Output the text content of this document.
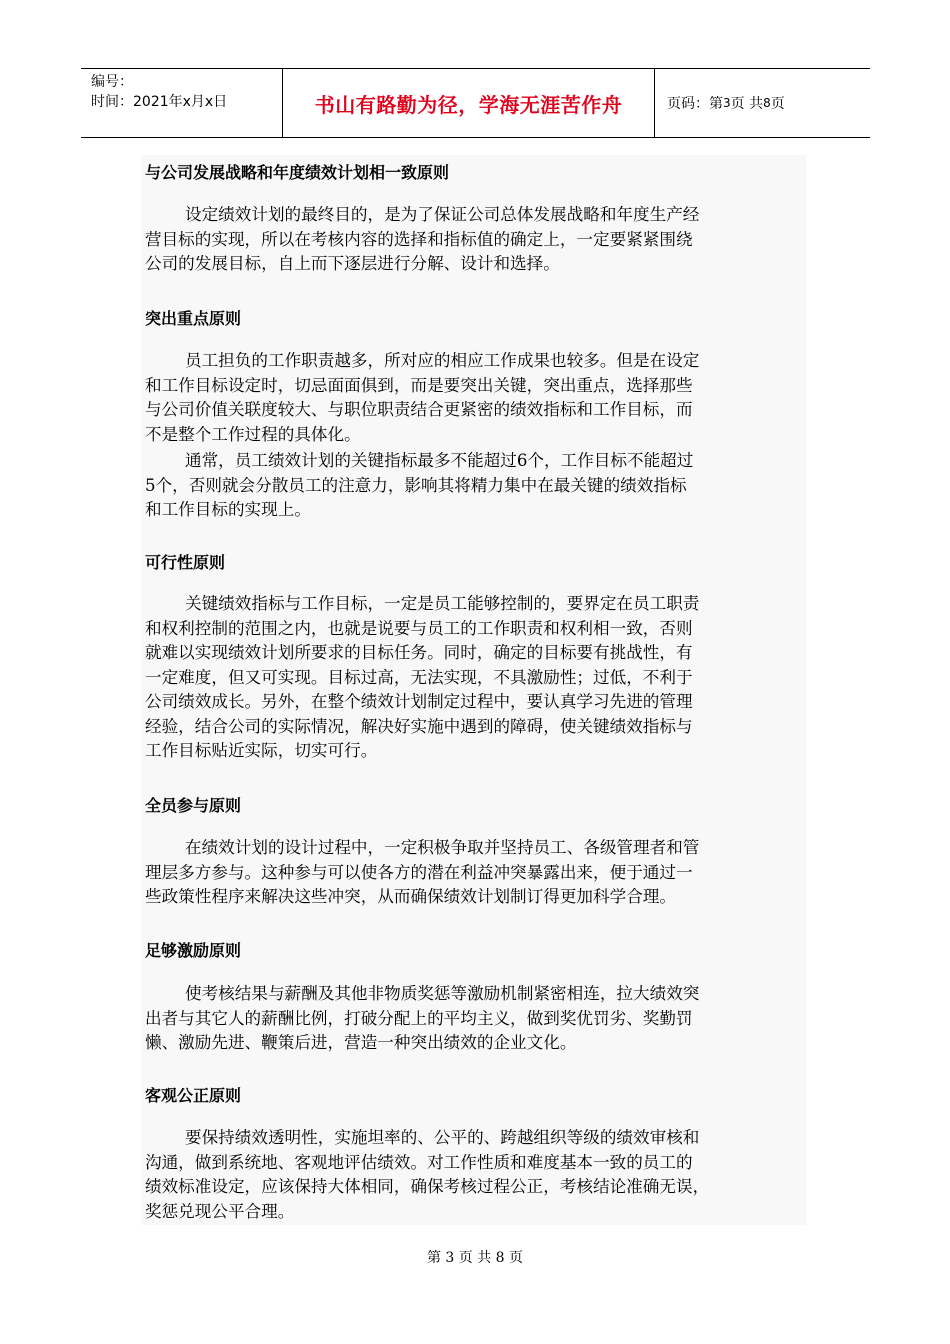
编号：
时间：2021年x月x日	书山有路勤为径，学海无涯苦作舟	页码：第 3 页 共 8 页
与公司发展战略和年度绩效计划相一致原则
设定绩效计划的最终目的，是为了保证公司总体发展战略和年度生产经
营目标的实现，所以在考核内容的选择和指标值的确定上，一定要紧紧围绕
公司的发展目标，自上而下逐层进行分解、设计和选择。
突出重点原则
员工担负的工作职责越多，所对应的相应工作成果也较多。但是在设定
和工作目标设定时，切忌面面俱到，而是要突出关键，突出重点，选择那些
与公司价值关联度较大、与职位职责结合更紧密的绩效指标和工作目标，而
不是整个工作过程的具体化。
通常，员工绩效计划的关键指标最多不能超过6个，工作目标不能超过
5个，否则就会分散员工的注意力，影响其将精力集中在最关键的绩效指标
和工作目标的实现上。
可行性原则
关键绩效指标与工作目标，一定是员工能够控制的，要界定在员工职责
和权利控制的范围之内，也就是说要与员工的工作职责和权利相一致，否则
就难以实现绩效计划所要求的目标任务。同时，确定的目标要有挑战性，有
一定难度，但又可实现。目标过高，无法实现，不具激励性；过低，不利于
公司绩效成长。另外，在整个绩效计划制定过程中，要认真学习先进的管理
经验，结合公司的实际情况，解决好实施中遇到的障碍，使关键绩效指标与
工作目标贴近实际，切实可行。
全员参与原则
在绩效计划的设计过程中，一定积极争取并坚持员工、各级管理者和管
理层多方参与。这种参与可以使各方的潜在利益冲突暴露出来，便于通过一
些政策性程序来解决这些冲突，从而确保绩效计划制订得更加科学合理。
足够激励原则
使考核结果与薪酬及其他非物质奖惩等激励机制紧密相连，拉大绩效突
出者与其它人的薪酬比例，打破分配上的平均主义，做到奖优罚劣、奖勤罚
懒、激励先进、鞭策后进，营造一种突出绩效的企业文化。
客观公正原则
要保持绩效透明性，实施坦率的、公平的、跨越组织等级的绩效审核和
沟通，做到系统地、客观地评估绩效。对工作性质和难度基本一致的员工的
绩效标准设定，应该保持大体相同，确保考核过程公正，考核结论准确无误，
奖惩兑现公平合理。
第 3 页 共 8 页
